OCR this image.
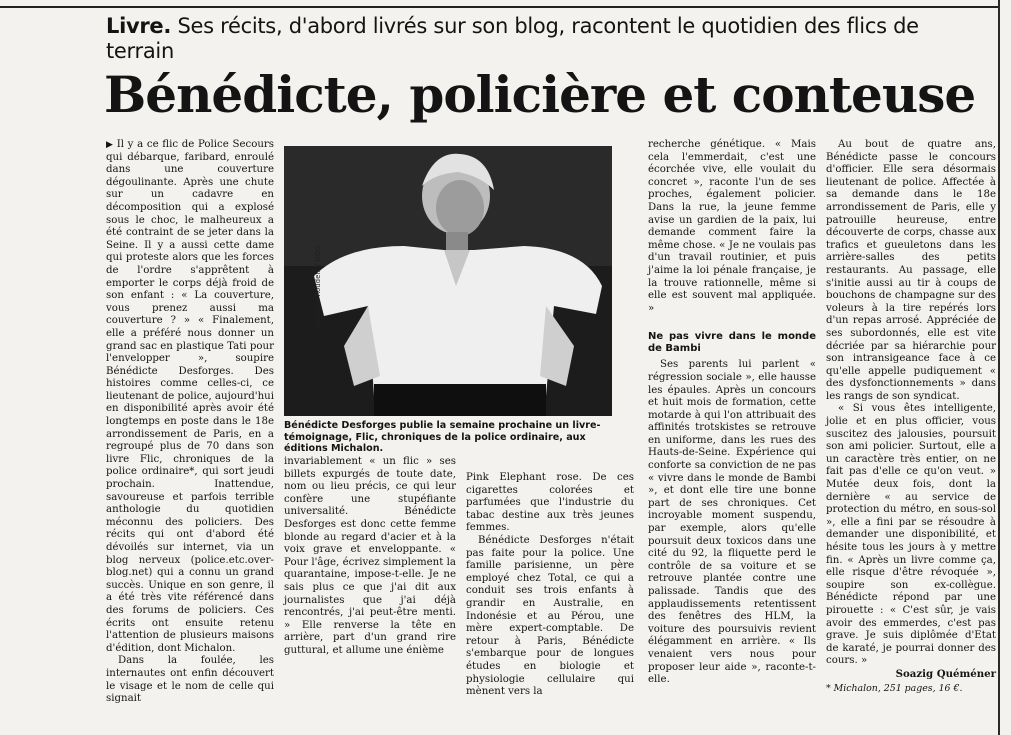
Livre. Ses récits, d'abord livrés sur son blog, racontent le quotidien des flics de terrain
Bénédicte, policière et conteuse

▶ Il y a ce flic de Police Secours qui débarque, faribard, enroulé dans une couverture dégoulinante. Après une chute sur un cadavre en décomposition qui a explosé sous le choc, le malheureux a été contraint de se jeter dans la Seine. Il y a aussi cette dame qui proteste alors que les forces de l'ordre s'apprêtent à emporter le corps déjà froid de son enfant : « La couverture, vous prenez aussi ma couverture ? » « Finalement, elle a préféré nous donner un grand sac en plastique Tati pour l'envelopper », soupire Bénédicte Desforges. Des histoires comme celles-ci, ce lieutenant de police, aujourd'hui en disponibilité après avoir été longtemps en poste dans le 18e arrondissement de Paris, en a regroupé plus de 70 dans son livre Flic, chroniques de la police ordinaire*, qui sort jeudi prochain. Inattendue, savoureuse et parfois terrible anthologie du quotidien méconnu des policiers. Des récits qui ont d'abord été dévoilés sur internet, via un blog nerveux (police.etc.over-blog.net) qui a connu un grand succès. Unique en son genre, il a été très vite référencé dans des forums de policiers. Ces écrits ont ensuite retenu l'attention de plusieurs maisons d'édition, dont Michalon.

Dans la foulée, les internautes ont enfin découvert le visage et le nom de celle qui signait

Sandrine Roudeix / DDD
Bénédicte Desforges publie la semaine prochaine un livre-témoignage, Flic, chroniques de la police ordinaire, aux éditions Michalon.

invariablement « un flic » ses billets expurgés de toute date, nom ou lieu précis, ce qui leur confère une stupéfiante universalité. Bénédicte Desforges est donc cette femme blonde au regard d'acier et à la voix grave et enveloppante. « Pour l'âge, écrivez simplement la quarantaine, impose-t-elle. Je ne sais plus ce que j'ai dit aux journalistes que j'ai déjà rencontrés, j'ai peut-être menti. » Elle renverse la tête en arrière, part d'un grand rire guttural, et allume une énième

Pink Elephant rose. De ces cigarettes colorées et parfumées que l'industrie du tabac destine aux très jeunes femmes.

Bénédicte Desforges n'était pas faite pour la police. Une famille parisienne, un père employé chez Total, ce qui a conduit ses trois enfants à grandir en Australie, en Indonésie et au Pérou, une mère expert-comptable. De retour à Paris, Bénédicte s'embarque pour de longues études en biologie et physiologie cellulaire qui mènent vers la

recherche génétique. « Mais cela l'emmerdait, c'est une écorchée vive, elle voulait du concret », raconte l'un de ses proches, également policier. Dans la rue, la jeune femme avise un gardien de la paix, lui demande comment faire la même chose. « Je ne voulais pas d'un travail routinier, et puis j'aime la loi pénale française, je la trouve rationnelle, même si elle est souvent mal appliquée. »

Ne pas vivre dans le monde de Bambi

Ses parents lui parlent « régression sociale », elle hausse les épaules. Après un concours et huit mois de formation, cette motarde à qui l'on attribuait des affinités trotskistes se retrouve en uniforme, dans les rues des Hauts-de-Seine. Expérience qui conforte sa conviction de ne pas « vivre dans le monde de Bambi », et dont elle tire une bonne part de ses chroniques. Cet incroyable moment suspendu, par exemple, alors qu'elle poursuit deux toxicos dans une cité du 92, la fliquette perd le contrôle de sa voiture et se retrouve plantée contre une palissade. Tandis que des applaudissements retentissent des fenêtres des HLM, la voiture des poursuivis revient élégamment en arrière. « Ils venaient vers nous pour proposer leur aide », raconte-t-elle.

Au bout de quatre ans, Bénédicte passe le concours d'officier. Elle sera désormais lieutenant de police. Affectée à sa demande dans le 18e arrondissement de Paris, elle y patrouille heureuse, entre découverte de corps, chasse aux trafics et gueuletons dans les arrière-salles des petits restaurants. Au passage, elle s'initie aussi au tir à coups de bouchons de champagne sur des voleurs à la tire repérés lors d'un repas arrosé. Appréciée de ses subordonnés, elle est vite décriée par sa hiérarchie pour son intransigeance face à ce qu'elle appelle pudiquement « des dysfonctionnements » dans les rangs de son syndicat.

« Si vous êtes intelligente, jolie et en plus officier, vous suscitez des jalousies, poursuit son ami policier. Surtout, elle a un caractère très entier, on ne fait pas d'elle ce qu'on veut. » Mutée deux fois, dont la dernière « au service de protection du métro, en sous-sol », elle a fini par se résoudre à demander une disponibilité, et hésite tous les jours à y mettre fin. « Après un livre comme ça, elle risque d'être révoquée », soupire son ex-collègue. Bénédicte répond par une pirouette : « C'est sûr, je vais avoir des emmerdes, c'est pas grave. Je suis diplômée d'Etat de karaté, je pourrai donner des cours. »

Soazig Quéméner

* Michalon, 251 pages, 16 €.
